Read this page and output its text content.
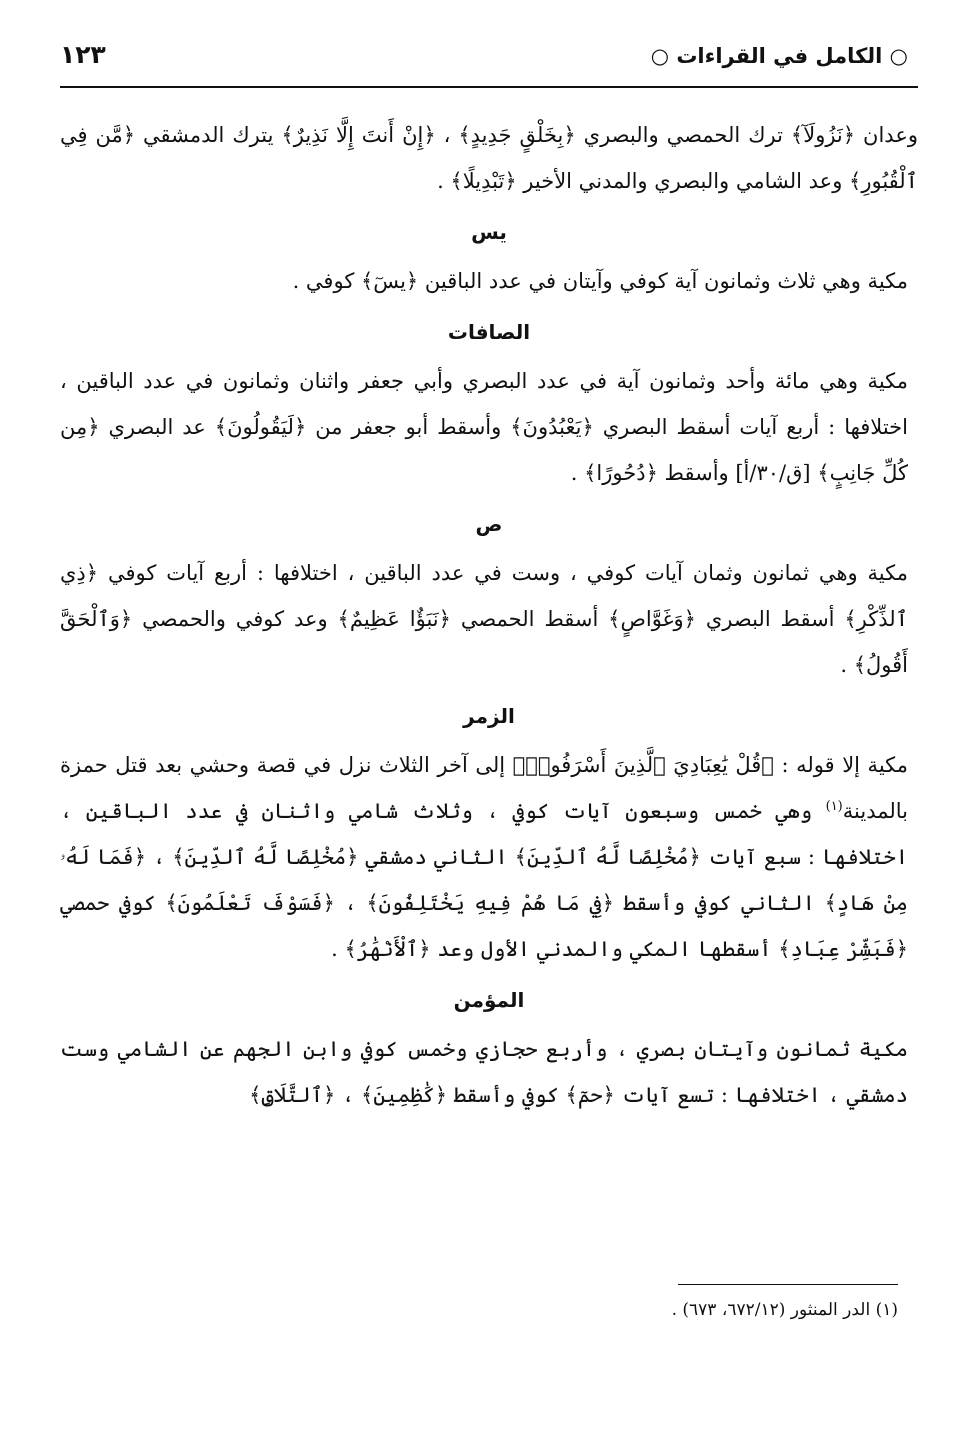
○ الكامل في القراءات ○
١٢٣

وعدان ﴿نَزُولَآ﴾ ترك الحمصي والبصري ﴿بِخَلْقٍ جَدِيدٍ﴾ ، ﴿إِنْ أَنتَ إِلَّا نَذِيرٌ﴾ يترك الدمشقي ﴿مَّن فِي ٱلْقُبُورِ﴾ وعد الشامي والبصري والمدني الأخير ﴿تَبْدِيلًا﴾ .

يس

مكية وهي ثلاث وثمانون آية كوفي وآيتان في عدد الباقين ﴿يسٓ﴾ كوفي .

الصافات

مكية وهي مائة وأحد وثمانون آية في عدد البصري وأبي جعفر واثنان وثمانون في عدد الباقين ، اختلافها : أربع آيات أسقط البصري ﴿يَعْبُدُونَ﴾ وأسقط أبو جعفر من ﴿لَيَقُولُونَ﴾ عد البصري ﴿مِن كُلِّ جَانِبٍ﴾ [ق/٣٠/أ] وأسقط ﴿دُحُورًا﴾ .

ص

مكية وهي ثمانون وثمان آيات كوفي ، وست في عدد الباقين ، اختلافها : أربع آيات كوفي ﴿ذِي ٱلذِّكْرِ﴾ أسقط البصري ﴿وَغَوَّاصٍ﴾ أسقط الحمصي ﴿نَبَؤٌا عَظِيمٌ﴾ وعد كوفي والحمصي ﴿وَٱلْحَقَّ أَقُولُ﴾ .

الزمر

مكية إلا قوله : ﴿قُلْ يَٰعِبَادِيَ ٱلَّذِينَ أَسْرَفُوا۟﴾ إلى آخر الثلاث نزل في قصة وحشي بعد قتل حمزة بالمدينة$^{(١)}$ وهي خمس وسبعون آيات كوفي ، وثلاث شامي واثنان في عدد الباقين ، اختلافها : سبع آيات ﴿مُخْلِصًا لَّهُ ٱلدِّينَ﴾ الثاني دمشقي ﴿مُخْلِصًا لَّهُ ٱلدِّينَ﴾ ، ﴿فَمَا لَهُۥ مِنْ هَادٍ﴾ الثاني كوفي وأسقط ﴿فِي مَا هُمْ فِيهِ يَخْتَلِفُونَ﴾ ، ﴿فَسَوْفَ تَعْلَمُونَ﴾ كوفي حمصي ﴿فَبَشِّرْ عِبَادِ﴾ أسقطها المكي والمدني الأول وعد ﴿ٱلْأَنْهَٰرُ﴾ .

المؤمن

مكية ثمانون وآيتان بصري ، وأربع حجازي وخمس كوفي وابن الجهم عن الشامي وست دمشقي ، اختلافها : تسع آيات ﴿حمٓ﴾ كوفي وأسقط ﴿كَٰظِمِينَ﴾ ، ﴿ٱلتَّلَاقِ﴾

(١) الدر المنثور (٦٧٢/١٢، ٦٧٣) .
